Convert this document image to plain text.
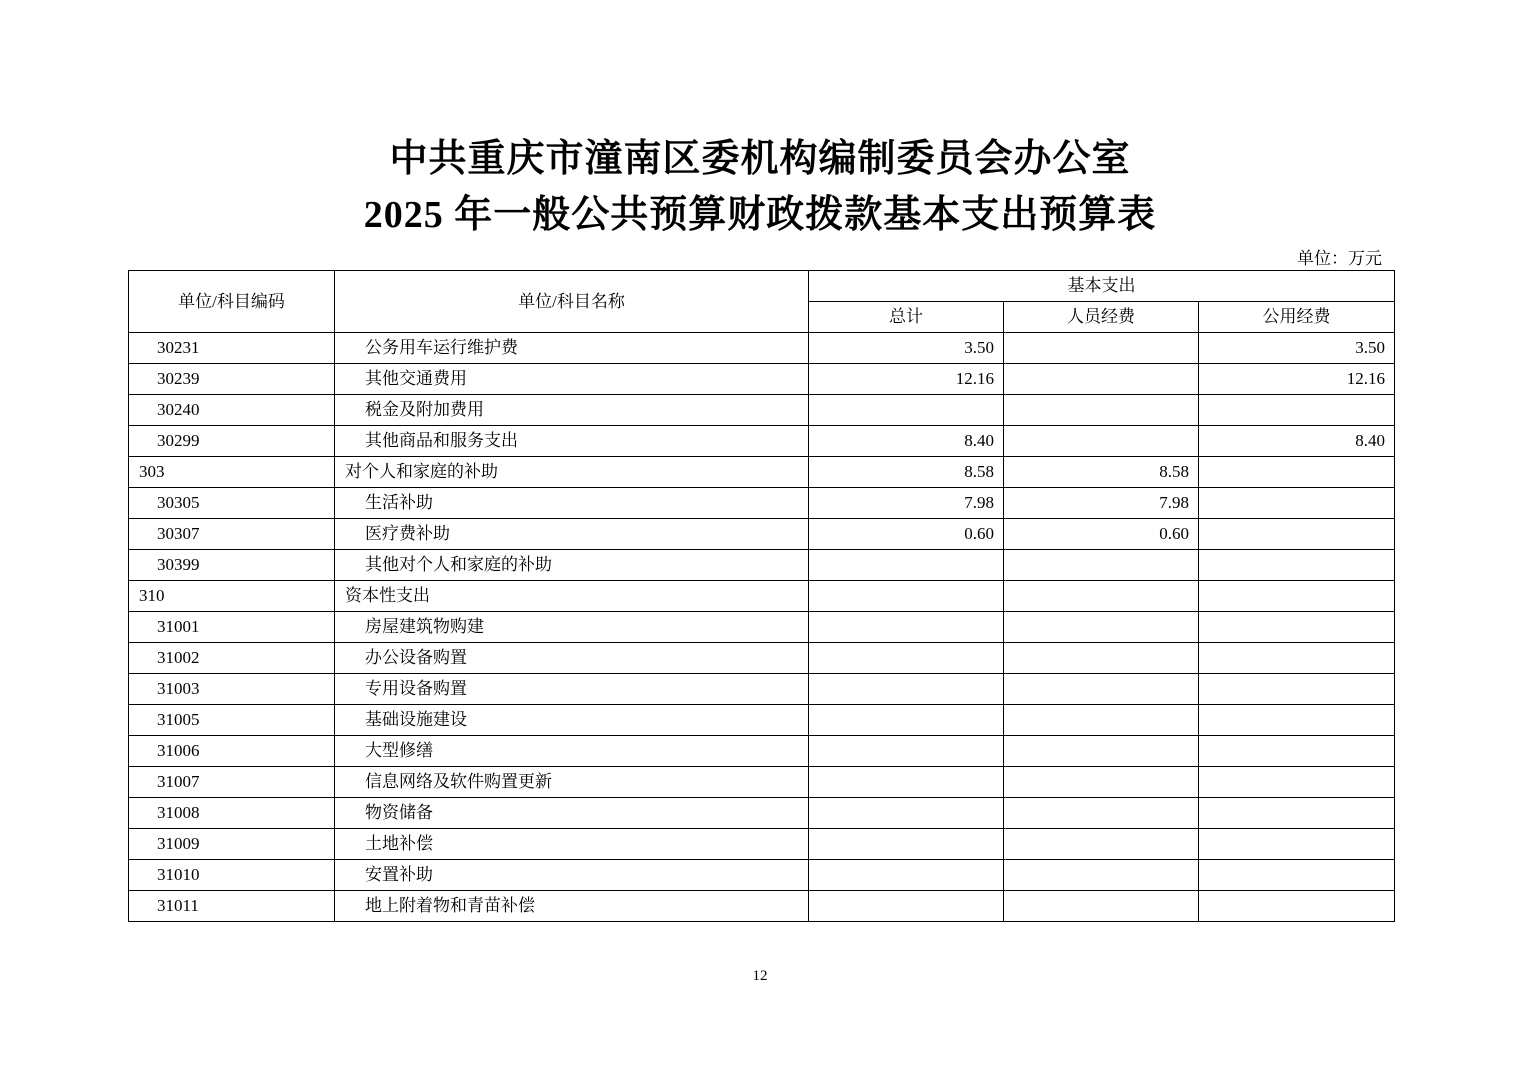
中共重庆市潼南区委机构编制委员会办公室
2025 年一般公共预算财政拨款基本支出预算表
单位：万元
单位/科目编码	单位/科目名称	基本支出		
		总计	人员经费	公用经费
30231	公务用车运行维护费	3.50		3.50
30239	其他交通费用	12.16		12.16
30240	税金及附加费用			
30299	其他商品和服务支出	8.40		8.40
303	对个人和家庭的补助	8.58	8.58	
30305	生活补助	7.98	7.98	
30307	医疗费补助	0.60	0.60	
30399	其他对个人和家庭的补助			
310	资本性支出			
31001	房屋建筑物购建			
31002	办公设备购置			
31003	专用设备购置			
31005	基础设施建设			
31006	大型修缮			
31007	信息网络及软件购置更新			
31008	物资储备			
31009	土地补偿			
31010	安置补助			
31011	地上附着物和青苗补偿			
12
